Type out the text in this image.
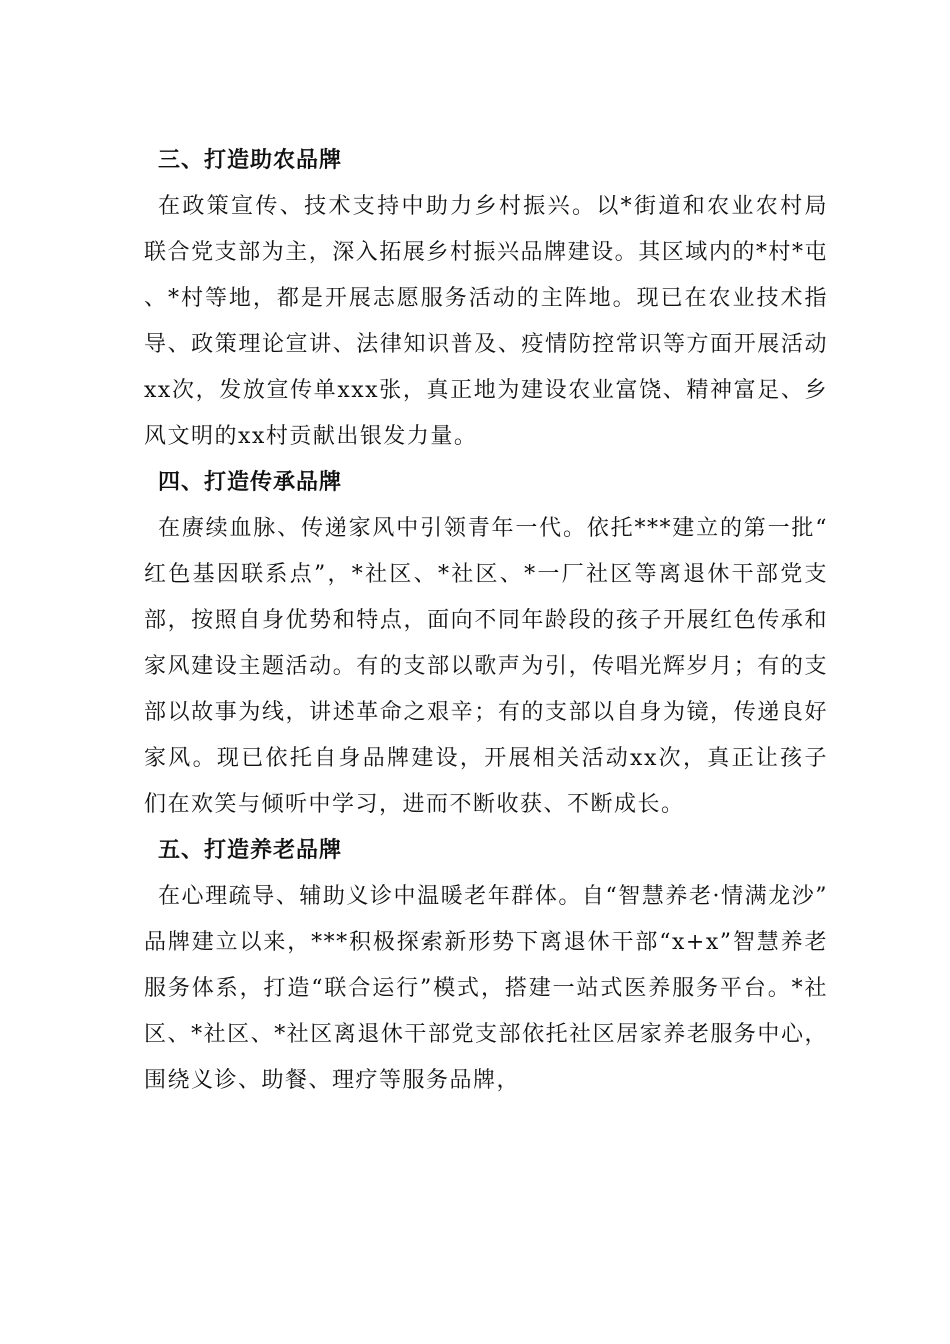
三、打造助农品牌

在政策宣传、技术支持中助力乡村振兴。以*街道和农业农村局联合党支部为主，深入拓展乡村振兴品牌建设。其区域内的*村*屯、*村等地，都是开展志愿服务活动的主阵地。现已在农业技术指导、政策理论宣讲、法律知识普及、疫情防控常识等方面开展活动xx次，发放宣传单xxx张，真正地为建设农业富饶、精神富足、乡风文明的xx村贡献出银发力量。

四、打造传承品牌

在赓续血脉、传递家风中引领青年一代。依托***建立的第一批“红色基因联系点”，*社区、*社区、*一厂社区等离退休干部党支部，按照自身优势和特点，面向不同年龄段的孩子开展红色传承和家风建设主题活动。有的支部以歌声为引，传唱光辉岁月；有的支部以故事为线，讲述革命之艰辛；有的支部以自身为镜，传递良好家风。现已依托自身品牌建设，开展相关活动xx次，真正让孩子们在欢笑与倾听中学习，进而不断收获、不断成长。

五、打造养老品牌

在心理疏导、辅助义诊中温暖老年群体。自“智慧养老·情满龙沙”品牌建立以来，***积极探索新形势下离退休干部“x+x”智慧养老服务体系，打造“联合运行”模式，搭建一站式医养服务平台。*社区、*社区、*社区离退休干部党支部依托社区居家养老服务中心，围绕义诊、助餐、理疗等服务品牌，
